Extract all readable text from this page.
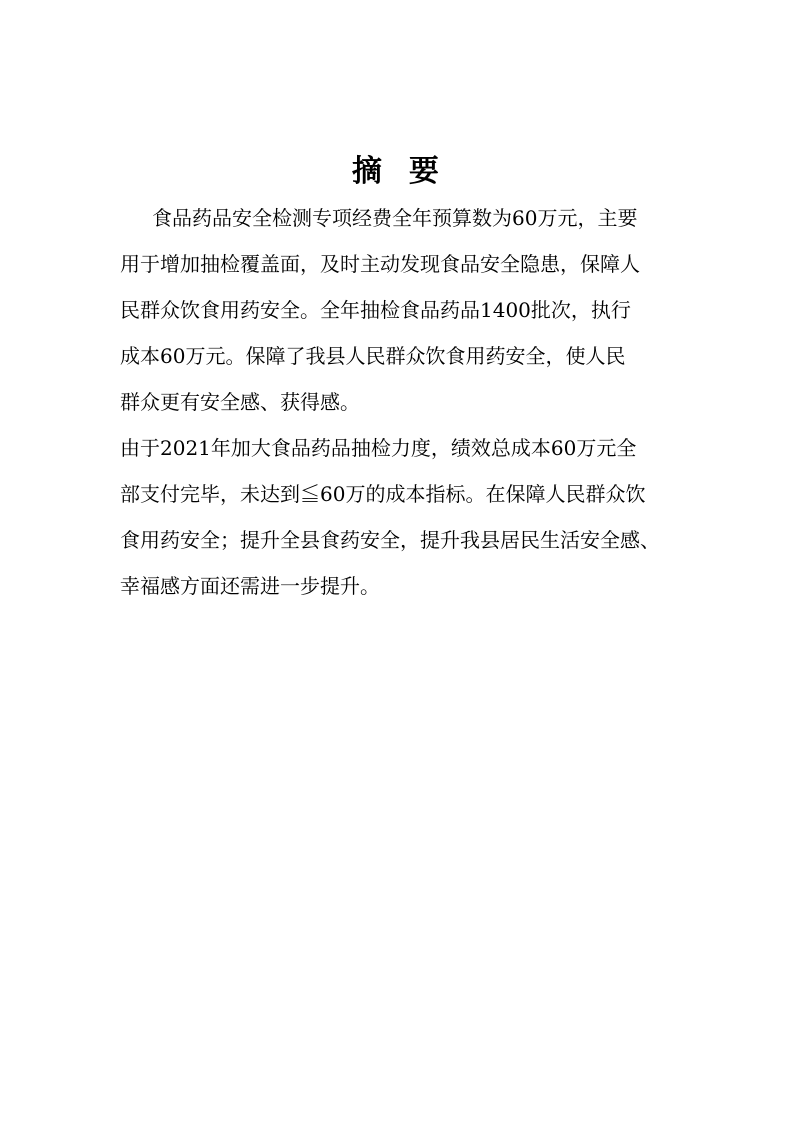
摘  要
食品药品安全检测专项经费全年预算数为60万元，主要
用于增加抽检覆盖面，及时主动发现食品安全隐患，保障人
民群众饮食用药安全。全年抽检食品药品1400批次，执行
成本60万元。保障了我县人民群众饮食用药安全，使人民
群众更有安全感、获得感。
由于2021年加大食品药品抽检力度，绩效总成本60万元全
部支付完毕，未达到≦60万的成本指标。在保障人民群众饮
食用药安全；提升全县食药安全，提升我县居民生活安全感、
幸福感方面还需进一步提升。
